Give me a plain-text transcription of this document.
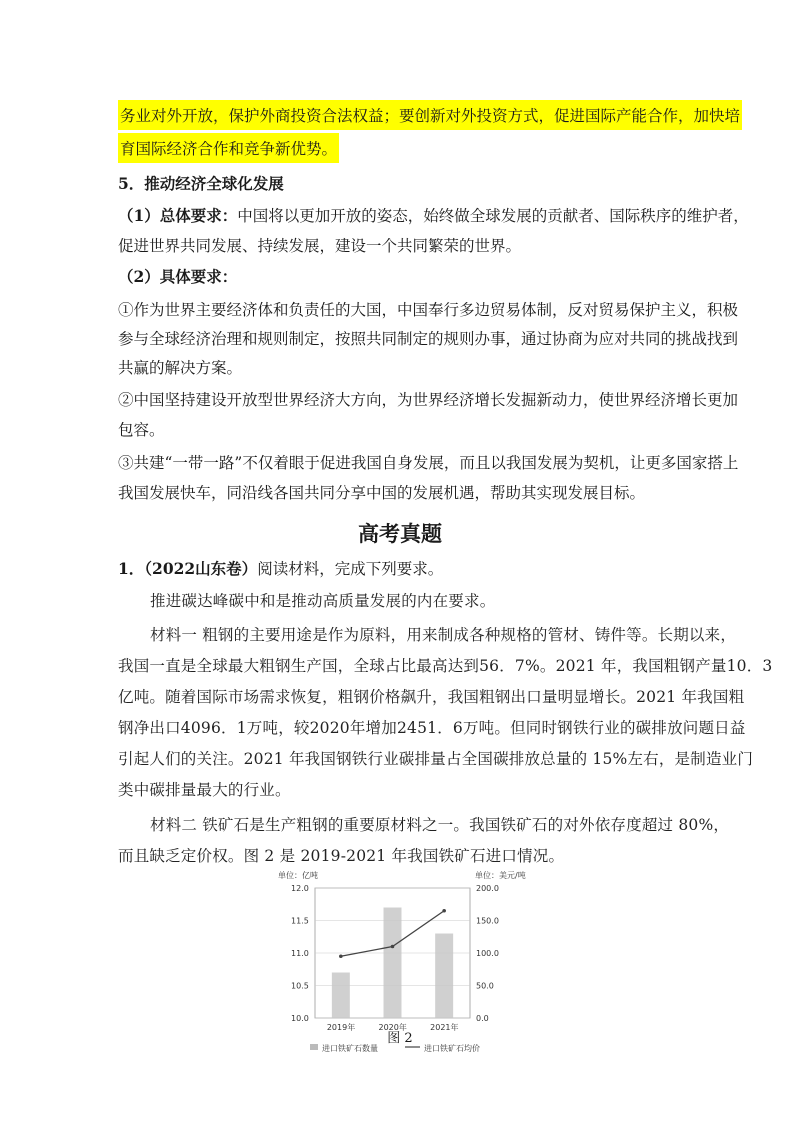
务业对外开放，保护外商投资合法权益；要创新对外投资方式，促进国际产能合作，加快培
育国际经济合作和竞争新优势。
5．推动经济全球化发展
（1）总体要求：中国将以更加开放的姿态，始终做全球发展的贡献者、国际秩序的维护者，
促进世界共同发展、持续发展，建设一个共同繁荣的世界。
（2）具体要求：
①作为世界主要经济体和负责任的大国，中国奉行多边贸易体制，反对贸易保护主义，积极
参与全球经济治理和规则制定，按照共同制定的规则办事，通过协商为应对共同的挑战找到
共赢的解决方案。
②中国坚持建设开放型世界经济大方向，为世界经济增长发掘新动力，使世界经济增长更加
包容。
③共建“一带一路”不仅着眼于促进我国自身发展，而且以我国发展为契机，让更多国家搭上
我国发展快车，同沿线各国共同分享中国的发展机遇，帮助其实现发展目标。
高考真题
1．（2022山东卷）阅读材料，完成下列要求。
推进碳达峰碳中和是推动高质量发展的内在要求。
材料一 粗钢的主要用途是作为原料，用来制成各种规格的管材、铸件等。长期以来，
我国一直是全球最大粗钢生产国，全球占比最高达到56．7%。2021 年，我国粗钢产量10．3
亿吨。随着国际市场需求恢复，粗钢价格飙升，我国粗钢出口量明显增长。2021 年我国粗
钢净出口4096．1万吨，较2020年增加2451．6万吨。但同时钢铁行业的碳排放问题日益
引起人们的关注。2021 年我国钢铁行业碳排量占全国碳排放总量的 15%左右，是制造业门
类中碳排量最大的行业。
材料二 铁矿石是生产粗钢的重要原材料之一。我国铁矿石的对外依存度超过 80%，
而且缺乏定价权。图 2 是 2019-2021 年我国铁矿石进口情况。
单位：亿吨	单位：美元/吨
12.0
11.5
11.0
10.5
10.0
200.0
150.0
100.0
50.0
0.0
2019年	2020年	2021年
进口铁矿石数量	进口铁矿石均价
图 2
